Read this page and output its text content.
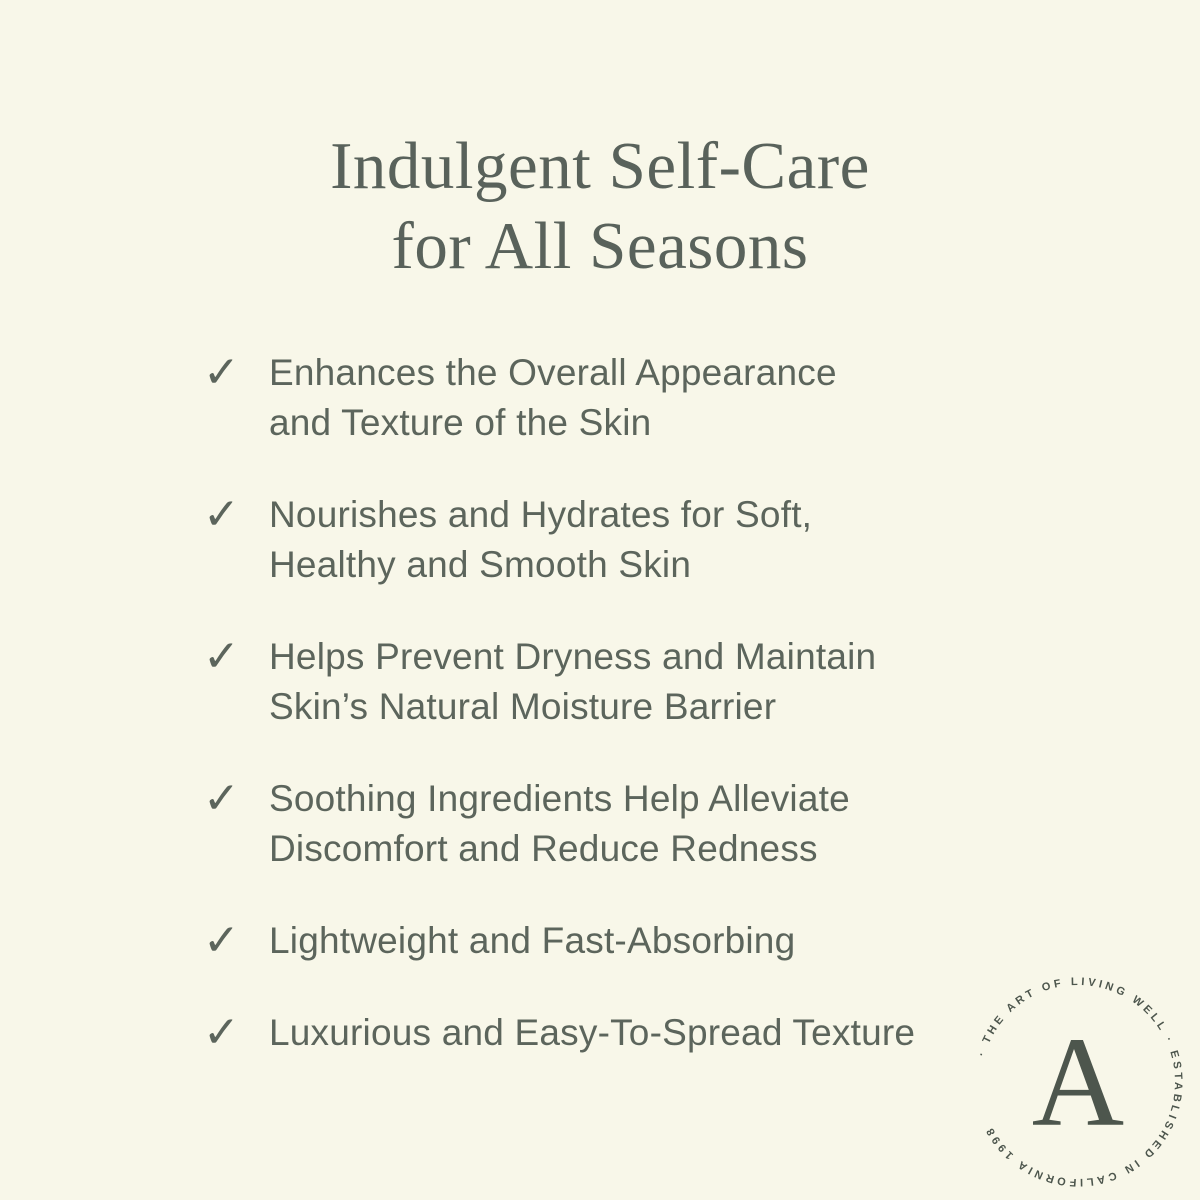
Indulgent Self-Care
for All Seasons
✓ Enhances the Overall Appearance
and Texture of the Skin
✓ Nourishes and Hydrates for Soft,
Healthy and Smooth Skin
✓ Helps Prevent Dryness and Maintain
Skin’s Natural Moisture Barrier
✓ Soothing Ingredients Help Alleviate
Discomfort and Reduce Redness
✓ Lightweight and Fast-Absorbing
✓ Luxurious and Easy-To-Spread Texture	· THE ART OF LIVING WELL · ESTABLISHED IN CALIFORNIA 1998 A
